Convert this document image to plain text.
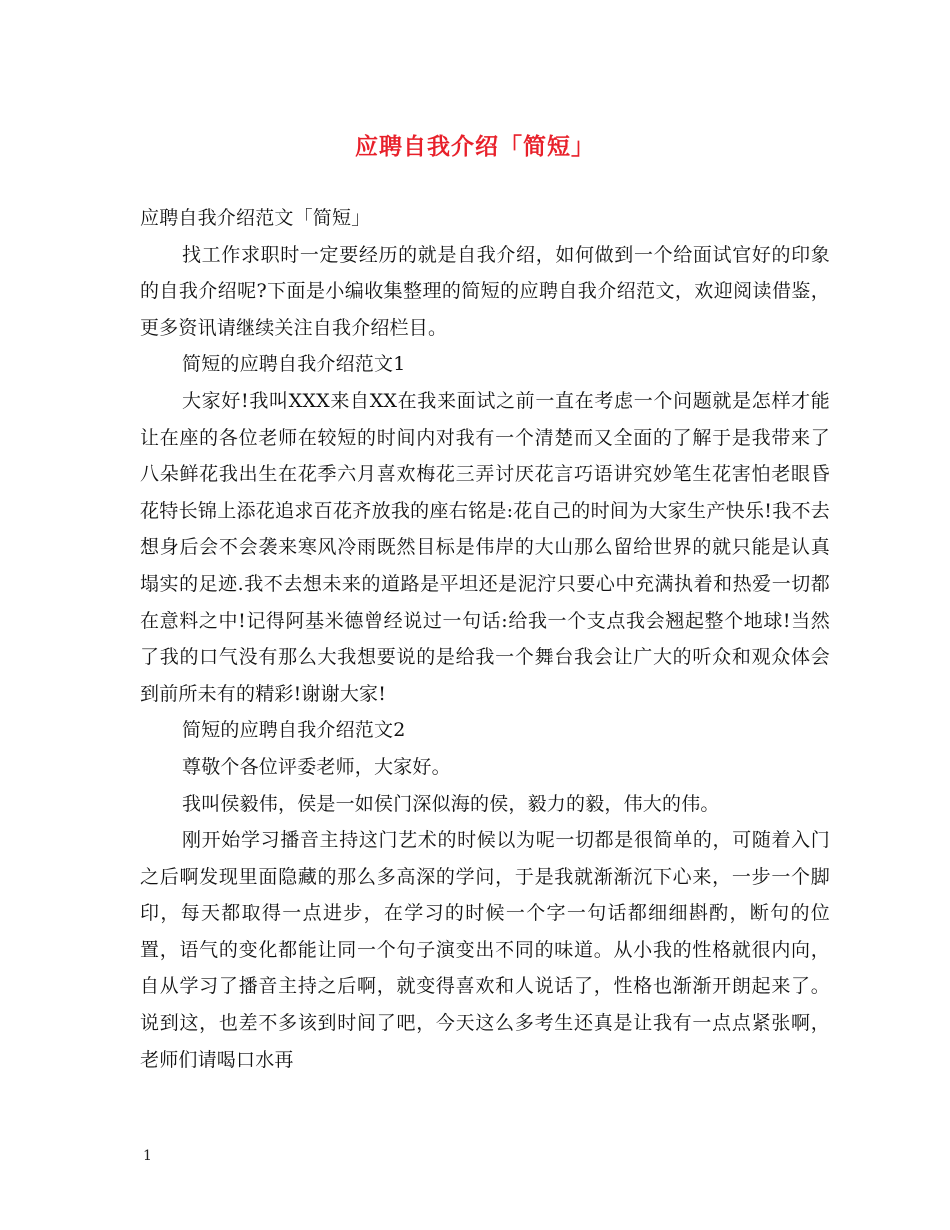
应聘自我介绍「简短」

应聘自我介绍范文「简短」

找工作求职时一定要经历的就是自我介绍，如何做到一个给面试官好的印象的自我介绍呢?下面是小编收集整理的简短的应聘自我介绍范文，欢迎阅读借鉴，更多资讯请继续关注自我介绍栏目。

简短的应聘自我介绍范文1

大家好!我叫XXX来自XX在我来面试之前一直在考虑一个问题就是怎样才能让在座的各位老师在较短的时间内对我有一个清楚而又全面的了解于是我带来了八朵鲜花我出生在花季六月喜欢梅花三弄讨厌花言巧语讲究妙笔生花害怕老眼昏花特长锦上添花追求百花齐放我的座右铭是:花自己的时间为大家生产快乐!我不去想身后会不会袭来寒风冷雨既然目标是伟岸的大山那么留给世界的就只能是认真塌实的足迹.我不去想未来的道路是平坦还是泥泞只要心中充满执着和热爱一切都在意料之中!记得阿基米德曾经说过一句话:给我一个支点我会翘起整个地球!当然了我的口气没有那么大我想要说的是给我一个舞台我会让广大的听众和观众体会到前所未有的精彩!谢谢大家!

简短的应聘自我介绍范文2

尊敬个各位评委老师，大家好。

我叫侯毅伟，侯是一如侯门深似海的侯，毅力的毅，伟大的伟。

刚开始学习播音主持这门艺术的时候以为呢一切都是很简单的，可随着入门之后啊发现里面隐藏的那么多高深的学问，于是我就渐渐沉下心来，一步一个脚印，每天都取得一点进步，在学习的时候一个字一句话都细细斟酌，断句的位置，语气的变化都能让同一个句子演变出不同的味道。从小我的性格就很内向，自从学习了播音主持之后啊，就变得喜欢和人说话了，性格也渐渐开朗起来了。说到这，也差不多该到时间了吧，今天这么多考生还真是让我有一点点紧张啊，老师们请喝口水再

1
